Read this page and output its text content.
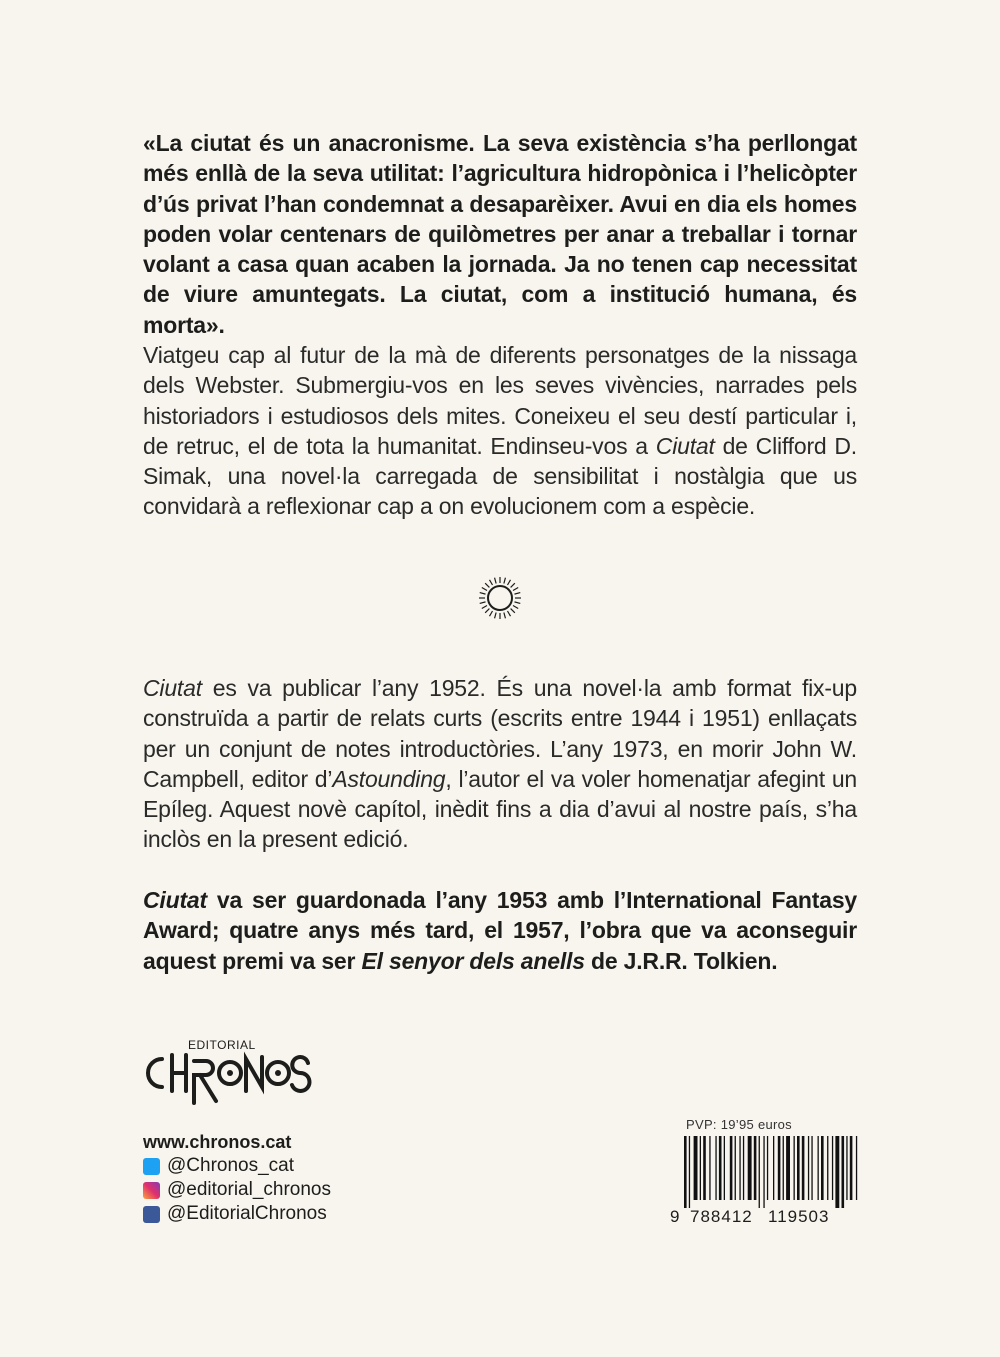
«La ciutat és un anacronisme. La seva existència s’ha perllongat més enllà de la seva utilitat: l’agricultura hidropònica i l’helicòpter d’ús privat l’han condemnat a desaparèixer. Avui en dia els homes poden volar centenars de quilòmetres per anar a treballar i tornar volant a casa quan acaben la jornada. Ja no tenen cap necessitat de viure amuntegats. La ciutat, com a institució humana, és morta».

Viatgeu cap al futur de la mà de diferents personatges de la nissaga dels Webster. Submergiu-vos en les seves vivències, narrades pels historiadors i estudiosos dels mites. Coneixeu el seu destí particular i, de retruc, el de tota la humanitat. Endinseu-vos a Ciutat de Clifford D. Simak, una novel·la carregada de sensibilitat i nostàlgia que us convidarà a reflexionar cap a on evolucionem com a espècie.

Ciutat es va publicar l’any 1952. És una novel·la amb format fix-up construïda a partir de relats curts (escrits entre 1944 i 1951) enllaçats per un conjunt de notes introductòries. L’any 1973, en morir John W. Campbell, editor d’Astounding, l’autor el va voler homenatjar afegint un Epíleg. Aquest novè capítol, inèdit fins a dia d’avui al nostre país, s’ha inclòs en la present edició.

Ciutat va ser guardonada l’any 1953 amb l’International Fantasy Award; quatre anys més tard, el 1957, l’obra que va aconseguir aquest premi va ser El senyor dels anells de J.R.R. Tolkien.

EDITORIAL
www.chronos.cat
@Chronos_cat
@editorial_chronos
@EditorialChronos
PVP: 19’95 euros
9 788412 119503
